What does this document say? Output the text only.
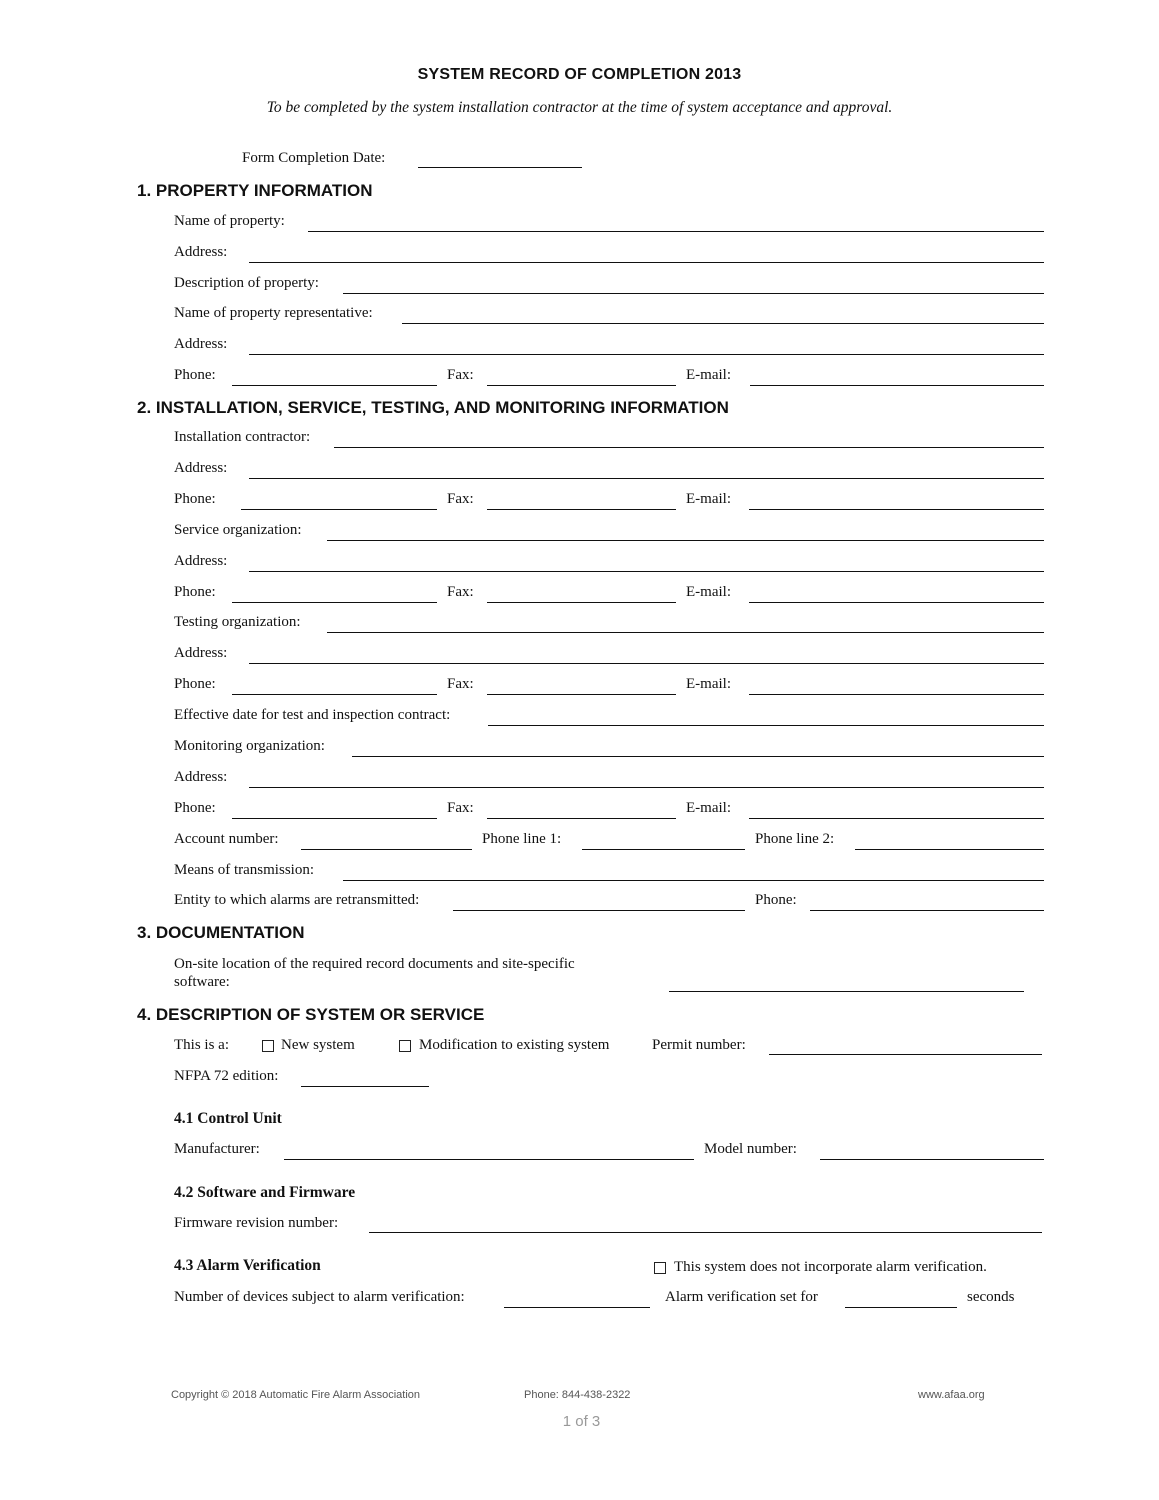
SYSTEM RECORD OF COMPLETION 2013
To be completed by the system installation contractor at the time of system acceptance and approval.
Form Completion Date:
1. PROPERTY INFORMATION
Name of property:
Address:
Description of property:
Name of property representative:
Address:
Phone:	Fax:	E-mail:
2. INSTALLATION, SERVICE, TESTING, AND MONITORING INFORMATION
Installation contractor:
Address:
Phone:	Fax:	E-mail:
Service organization:
Address:
Phone:	Fax:	E-mail:
Testing organization:
Address:
Phone:	Fax:	E-mail:
Effective date for test and inspection contract:
Monitoring organization:
Address:
Phone:	Fax:	E-mail:
Account number:	Phone line 1:	Phone line 2:
Means of transmission:
Entity to which alarms are retransmitted:	Phone:
3. DOCUMENTATION
On-site location of the required record documents and site-specific
software:
4. DESCRIPTION OF SYSTEM OR SERVICE
This is a:	New system	Modification to existing system	Permit number:
NFPA 72 edition:
4.1 Control Unit
Manufacturer:	Model number:
4.2 Software and Firmware
Firmware revision number:
4.3 Alarm Verification	This system does not incorporate alarm verification.
Number of devices subject to alarm verification:	Alarm verification set for	seconds
Copyright © 2018 Automatic Fire Alarm Association	Phone: 844-438-2322	www.afaa.org
1 of 3
